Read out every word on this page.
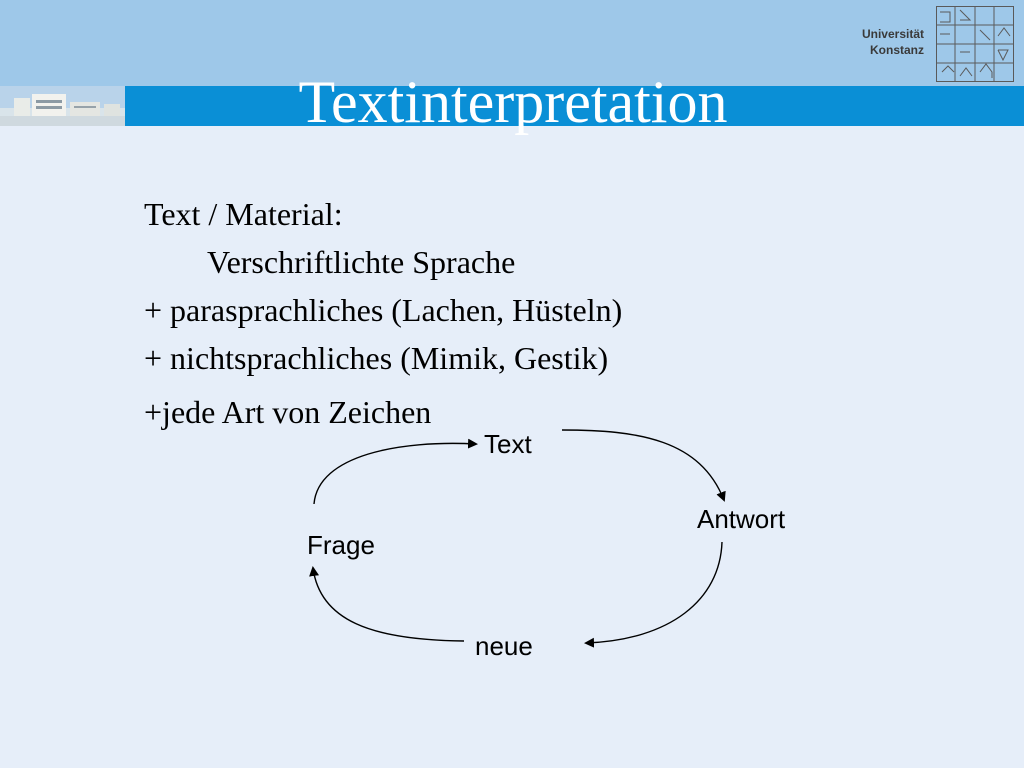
Textinterpretation
Universität
Konstanz
Text / Material:
Verschriftlichte Sprache
+ parasprachliches (Lachen, Hüsteln)
+ nichtsprachliches (Mimik, Gestik)
+jede Art von Zeichen
Text
Antwort
Frage
neue
